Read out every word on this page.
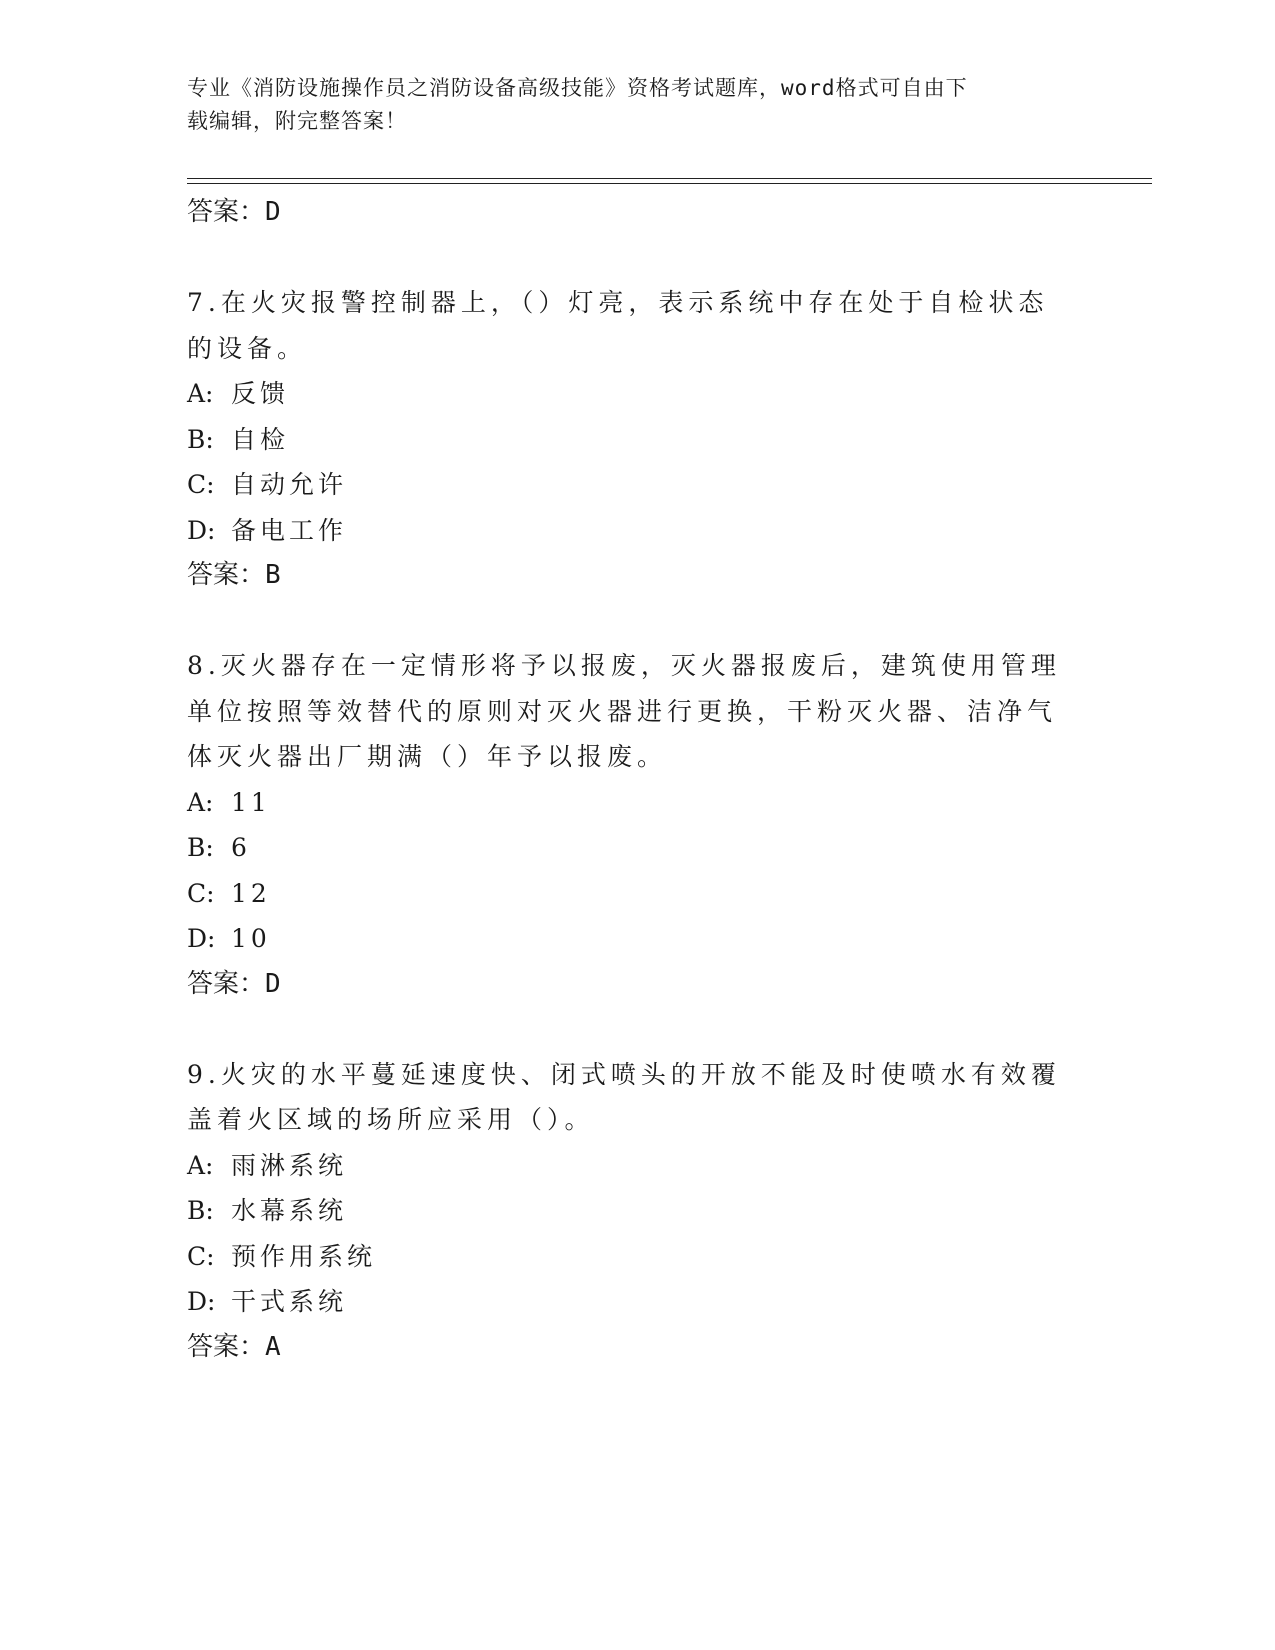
专业《消防设施操作员之消防设备高级技能》资格考试题库，word格式可自由下
载编辑，附完整答案！
答案：D

7.在火灾报警控制器上，（）灯亮，表示系统中存在处于自检状态的设备。

A: 反馈
B: 自检
C: 自动允许
D: 备电工作
答案：B

8.灭火器存在一定情形将予以报废，灭火器报废后，建筑使用管理单位按照等效替代的原则对灭火器进行更换，干粉灭火器、洁净气体灭火器出厂期满（）年予以报废。

A: 11
B: 6
C: 12
D: 10
答案：D

9.火灾的水平蔓延速度快、闭式喷头的开放不能及时使喷水有效覆盖着火区域的场所应采用（）。

A: 雨淋系统
B: 水幕系统
C: 预作用系统
D: 干式系统
答案：A
